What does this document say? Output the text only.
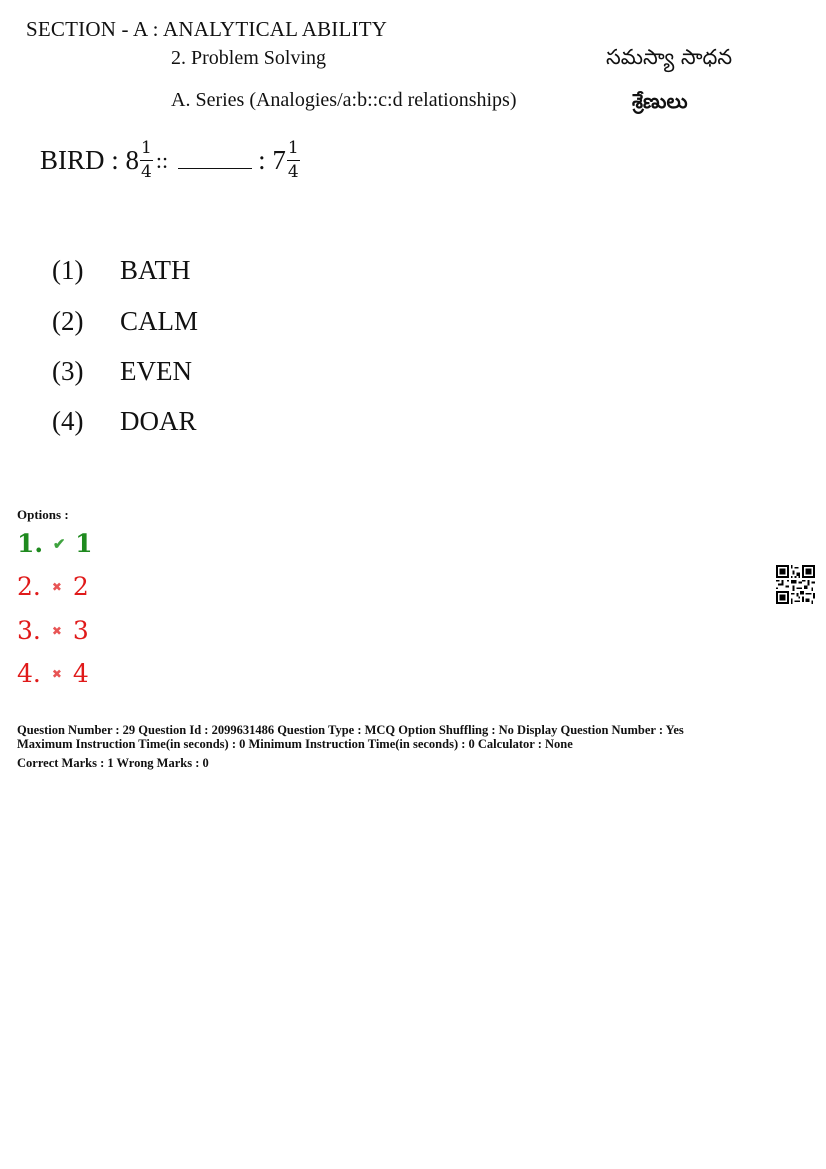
SECTION - A : ANALYTICAL ABILITY
2. Problem Solving	సమస్యా సాధన
A. Series (Analogies/a:b::c:d relationships)	శ్రేణులు
BIRD : $8 \frac{1}{4}$ ::	: $7 \frac{1}{4}$
(1)	BATH
(2)	CALM
(3)	EVEN
(4)	DOAR
Options :
1. ✔ 1
2. ✖ 2
3. ✖ 3
4. ✖ 4
Question Number : 29 Question Id : 2099631486 Question Type : MCQ Option Shuffling : No Display Question Number : Yes
Maximum Instruction Time(in seconds) : 0 Minimum Instruction Time(in seconds) : 0 Calculator : None
Correct Marks : 1 Wrong Marks : 0
